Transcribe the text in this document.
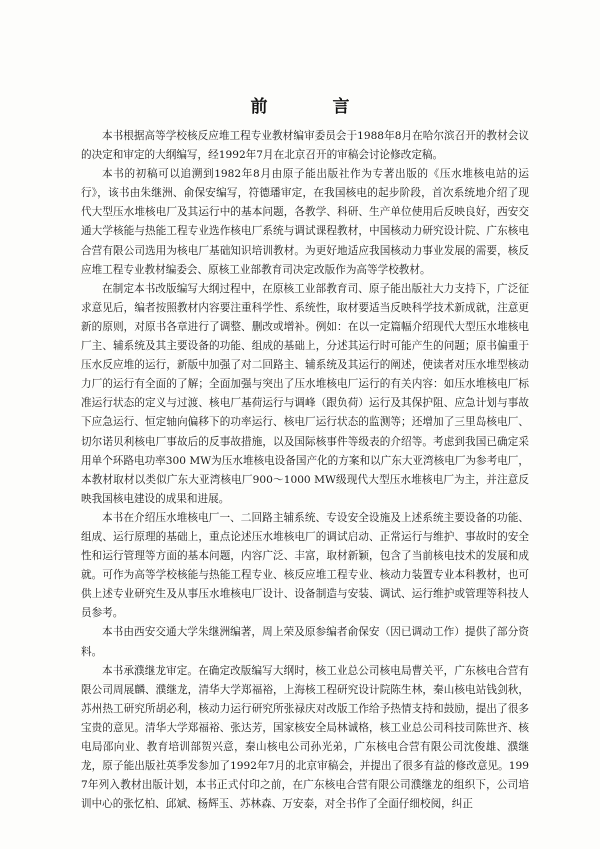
前　言

本书根据高等学校核反应堆工程专业教材编审委员会于1988年8月在哈尔滨召开的教材会议的决定和审定的大纲编写，经1992年7月在北京召开的审稿会讨论修改定稿。

本书的初稿可以追溯到1982年8月由原子能出版社作为专著出版的《压水堆核电站的运行》，该书由朱继洲、俞保安编写，符德璠审定，在我国核电的起步阶段，首次系统地介绍了现代大型压水堆核电厂及其运行中的基本问题，各教学、科研、生产单位使用后反映良好，西安交通大学核能与热能工程专业选作核电厂系统与调试课程教材，中国核动力研究设计院、广东核电合营有限公司选用为核电厂基础知识培训教材。为更好地适应我国核动力事业发展的需要，核反应堆工程专业教材编委会、原核工业部教育司决定改版作为高等学校教材。

在制定本书改版编写大纲过程中，在原核工业部教育司、原子能出版社大力支持下，广泛征求意见后，编者按照教材内容要注重科学性、系统性，取材要适当反映科学技术新成就，注意更新的原则，对原书各章进行了调整、删改或增补。例如：在以一定篇幅介绍现代大型压水堆核电厂主、辅系统及其主要设备的功能、组成的基础上，分述其运行时可能产生的问题；原书偏重于压水反应堆的运行，新版中加强了对二回路主、辅系统及其运行的阐述，使读者对压水堆型核动力厂的运行有全面的了解；全面加强与突出了压水堆核电厂运行的有关内容：如压水堆核电厂标准运行状态的定义与过渡、核电厂基荷运行与调峰（跟负荷）运行及其保护阻、应急计划与事故下应急运行、恒定轴向偏移下的功率运行、核电厂运行状态的监测等；还增加了三里岛核电厂、切尔诺贝利核电厂事故后的反事故措施，以及国际核事件等级表的介绍等。考虑到我国已确定采用单个环路电功率300 MW为压水堆核电设备国产化的方案和以广东大亚湾核电厂为参考电厂，本教材取材以类似广东大亚湾核电厂900～1000 MW级现代大型压水堆核电厂为主，并注意反映我国核电建设的成果和进展。

本书在介绍压水堆核电厂一、二回路主辅系统、专设安全设施及上述系统主要设备的功能、组成、运行原理的基础上，重点论述压水堆核电厂的调试启动、正常运行与维护、事故时的安全性和运行管理等方面的基本问题，内容广泛、丰富，取材新颖，包含了当前核电技术的发展和成就。可作为高等学校核能与热能工程专业、核反应堆工程专业、核动力装置专业本科教材，也可供上述专业研究生及从事压水堆核电厂设计、设备制造与安装、调试、运行维护或管理等科技人员参考。

本书由西安交通大学朱继洲编著，周上荣及原参编者俞保安（因已调动工作）提供了部分资料。

本书承濮继龙审定。在确定改版编写大纲时，核工业总公司核电局曹关平，广东核电合营有限公司周展麟、濮继龙，清华大学郑福裕，上海核工程研究设计院陈生林，秦山核电站钱剑秋，苏州热工研究所胡必利，核动力运行研究所张禄庆对改版工作给予热情支持和鼓励，提出了很多宝贵的意见。清华大学郑福裕、张达芳，国家核安全局林诚格，核工业总公司科技司陈世齐、核电局邵向业、教育培训部贺兴意，秦山核电公司孙光弟，广东核电合营有限公司沈俊雄、濮继龙，原子能出版社英季发参加了1992年7月的北京审稿会，并提出了很多有益的修改意见。1997年列入教材出版计划，本书正式付印之前，在广东核电合营有限公司濮继龙的组织下，公司培训中心的张忆柏、邱斌、杨辉玉、苏林森、万安泰，对全书作了全面仔细校阅，纠正
